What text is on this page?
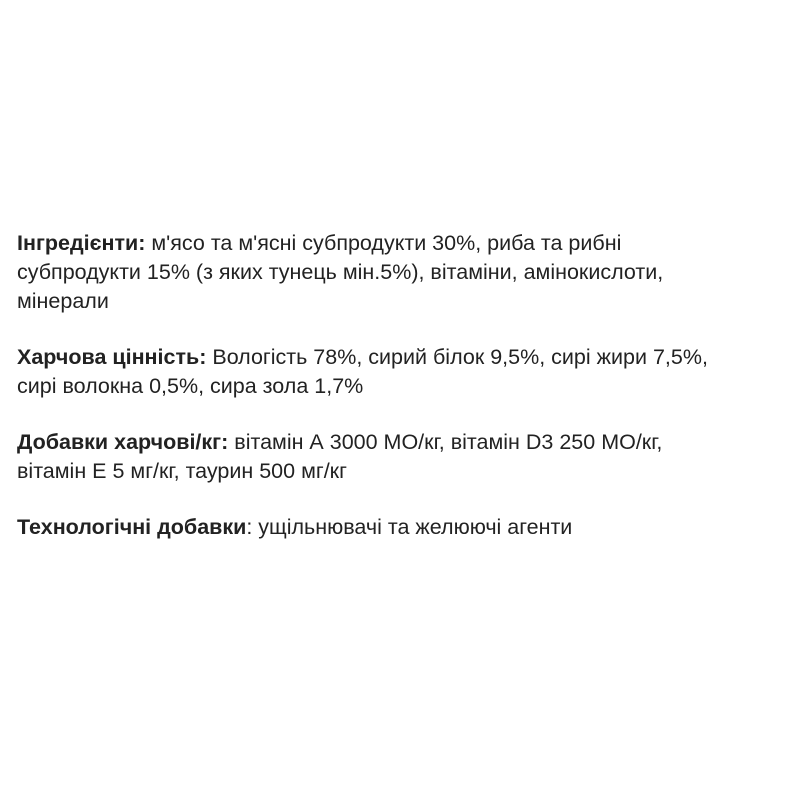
Інгредієнти: м'ясо та м'ясні субпродукти 30%, риба та рибні субпродукти 15% (з яких тунець мін.5%), вітаміни, амінокислоти, мінерали

Харчова цінність: Вологість 78%, сирий білок 9,5%, сирі жири 7,5%, сирі волокна 0,5%, сира зола 1,7%

Добавки харчові/кг: вітамін А 3000 МО/кг, вітамін D3 250 МО/кг, вітамін Е 5 мг/кг, таурин 500 мг/кг

Технологічні добавки: ущільнювачі та желюючі агенти
